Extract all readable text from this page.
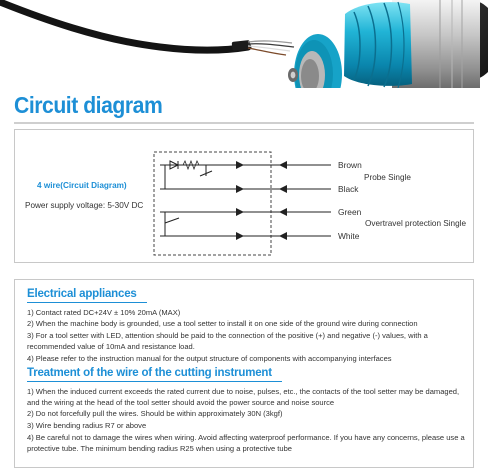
Circuit diagram
4 wire(Circuit Diagram)
Power supply voltage: 5-30V DC
Brown
Black
Green
White
Probe Single
Overtravel protection Single
Electrical appliances

1) Contact rated DC+24V ± 10% 20mA (MAX)

2) When the machine body is grounded, use a tool setter to install it on one side of the ground wire during connection

3) For a tool setter with LED, attention should be paid to the connection of the positive (+) and negative (-) values, with a recommended value of 10mA and resistance load.

4) Please refer to the instruction manual for the output structure of components with accompanying interfaces

Treatment of the wire of the cutting instrument

1) When the induced current exceeds the rated current due to noise, pulses, etc., the contacts of the tool setter may be damaged, and the wiring at the head of the tool setter should avoid the power source and noise source

2) Do not forcefully pull the wires. Should be within approximately 30N (3kgf)

3) Wire bending radius R7 or above

4) Be careful not to damage the wires when wiring. Avoid affecting waterproof performance. If you have any concerns, please use a protective tube. The minimum bending radius R25 when using a protective tube
